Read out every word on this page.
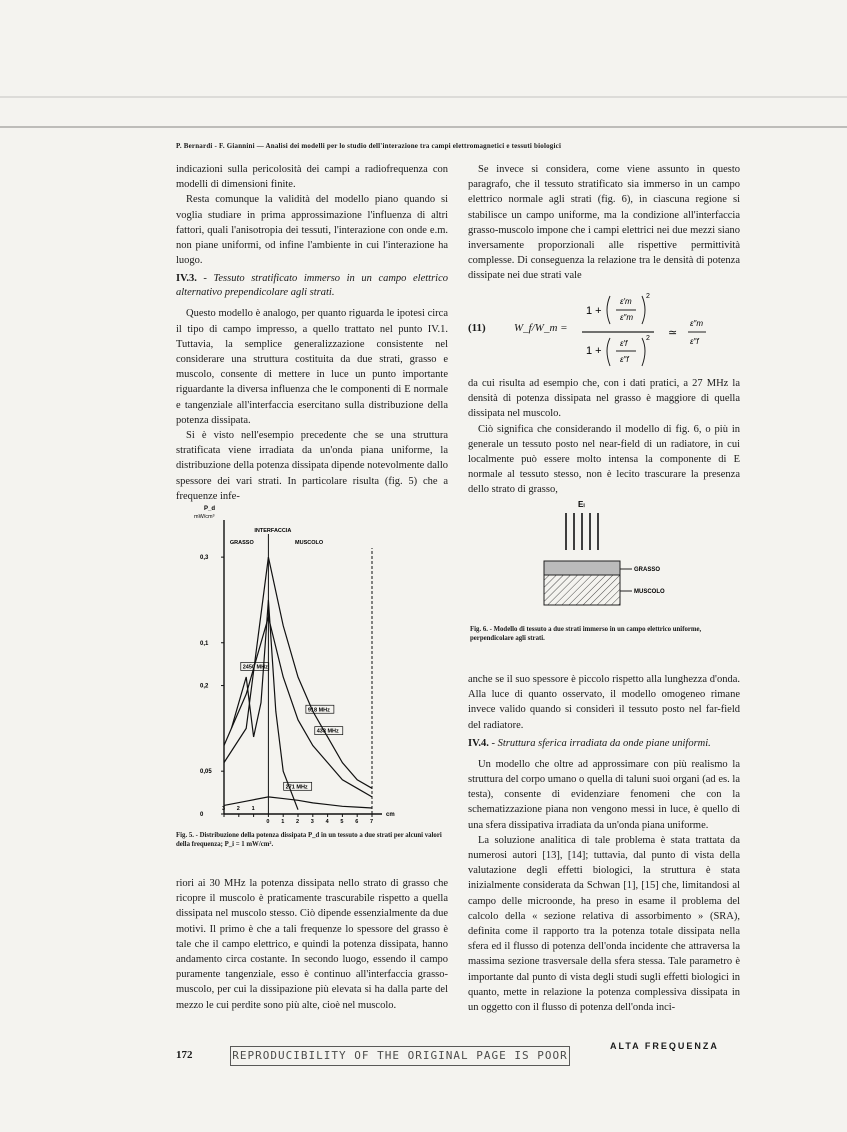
P. Bernardi - F. Giannini — Analisi dei modelli per lo studio dell'interazione tra campi elettromagnetici e tessuti biologici

indicazioni sulla pericolosità dei campi a radiofrequenza con modelli di dimensioni finite.

Resta comunque la validità del modello piano quando si voglia studiare in prima approssimazione l'influenza di altri fattori, quali l'anisotropia dei tessuti, l'interazione con onde e.m. non piane uniformi, od infine l'ambiente in cui l'interazione ha luogo.

IV.3. - Tessuto stratificato immerso in un campo elettrico alternativo prependicolare agli strati.

Questo modello è analogo, per quanto riguarda le ipotesi circa il tipo di campo impresso, a quello trattato nel punto IV.1. Tuttavia, la semplice generalizzazione consistente nel considerare una struttura costituita da due strati, grasso e muscolo, consente di mettere in luce un punto importante riguardante la diversa influenza che le componenti di E normale e tangenziale all'interfaccia esercitano sulla distribuzione della potenza dissipata.

Si è visto nell'esempio precedente che se una struttura stratificata viene irradiata da un'onda piana uniforme, la distribuzione della potenza dissipata dipende notevolmente dallo spessore dei vari strati. In particolare risulta (fig. 5) che a frequenze infe-

Se invece si considera, come viene assunto in questo paragrafo, che il tessuto stratificato sia immerso in un campo elettrico normale agli strati (fig. 6), in ciascuna regione si stabilisce un campo uniforme, ma la condizione all'interfaccia grasso-muscolo impone che i campi elettrici nei due mezzi siano inversamente proporzionali alle rispettive permittività complesse. Di conseguenza la relazione tra le densità di potenza dissipate nei due strati vale

(11)	W_f/W_m =
1 +
ε′m
ε″m
2
1 +
ε′f
ε″f
2 ≃
ε″m
ε″f

da cui risulta ad esempio che, con i dati pratici, a 27 MHz la densità di potenza dissipata nel grasso è maggiore di quella dissipata nel muscolo.

Ciò significa che considerando il modello di fig. 6, o più in generale un tessuto posto nel near-field di un radiatore, in cui localmente può essere molto intensa la componente di E normale al tessuto stesso, non è lecito trascurare la presenza dello strato di grasso,

P_d
mW/cm³
INTERFACCIA
GRASSO	MUSCOLO
cm
0,3
0,1
0,2
0,05
0
3 2 1
0 1 2 3 4 5 6 7
2450 MHz
918 MHz
433 MHz
271 MHz
Fig. 5. - Distribuzione della potenza dissipata P_d in un tessuto a due strati per alcuni valori della frequenza; P_i = 1 mW/cm².
Eₗ
GRASSO
MUSCOLO
Fig. 6. - Modello di tessuto a due strati immerso in un campo elettrico uniforme, perpendicolare agli strati.

anche se il suo spessore è piccolo rispetto alla lunghezza d'onda. Alla luce di quanto osservato, il modello omogeneo rimane invece valido quando si considerì il tessuto posto nel far-field del radiatore.

IV.4. - Struttura sferica irradiata da onde piane uniformi.

Un modello che oltre ad approssimare con più realismo la struttura del corpo umano o quella di taluni suoi organi (ad es. la testa), consente di evidenziare fenomeni che con la schematizzazione piana non vengono messi in luce, è quello di una sfera dissipativa irradiata da un'onda piana uniforme.

La soluzione analitica di tale problema è stata trattata da numerosi autori [13], [14]; tuttavia, dal punto di vista della valutazione degli effetti biologici, la struttura è stata inizialmente considerata da Schwan [1], [15] che, limitandosi al campo delle microonde, ha preso in esame il problema del calcolo della « sezione relativa di assorbimento » (SRA), definita come il rapporto tra la potenza totale dissipata nella sfera ed il flusso di potenza dell'onda incidente che attraversa la massima sezione trasversale della sfera stessa. Tale parametro è importante dal punto di vista degli studi sugli effetti biologici in quanto, mette in relazione la potenza complessiva dissipata in un oggetto con il flusso di potenza dell'onda inci-

riori ai 30 MHz la potenza dissipata nello strato di grasso che ricopre il muscolo è praticamente trascurabile rispetto a quella dissipata nel muscolo stesso. Ciò dipende essenzialmente da due motivi. Il primo è che a tali frequenze lo spessore del grasso è tale che il campo elettrico, e quindi la potenza dissipata, hanno andamento circa costante. In secondo luogo, essendo il campo puramente tangenziale, esso è continuo all'interfaccia grasso-muscolo, per cui la dissipazione più elevata si ha dalla parte del mezzo le cui perdite sono più alte, cioè nel muscolo.

172	REPRODUCIBILITY OF THE ORIGINAL PAGE IS POOR
ALTA FREQUENZA
